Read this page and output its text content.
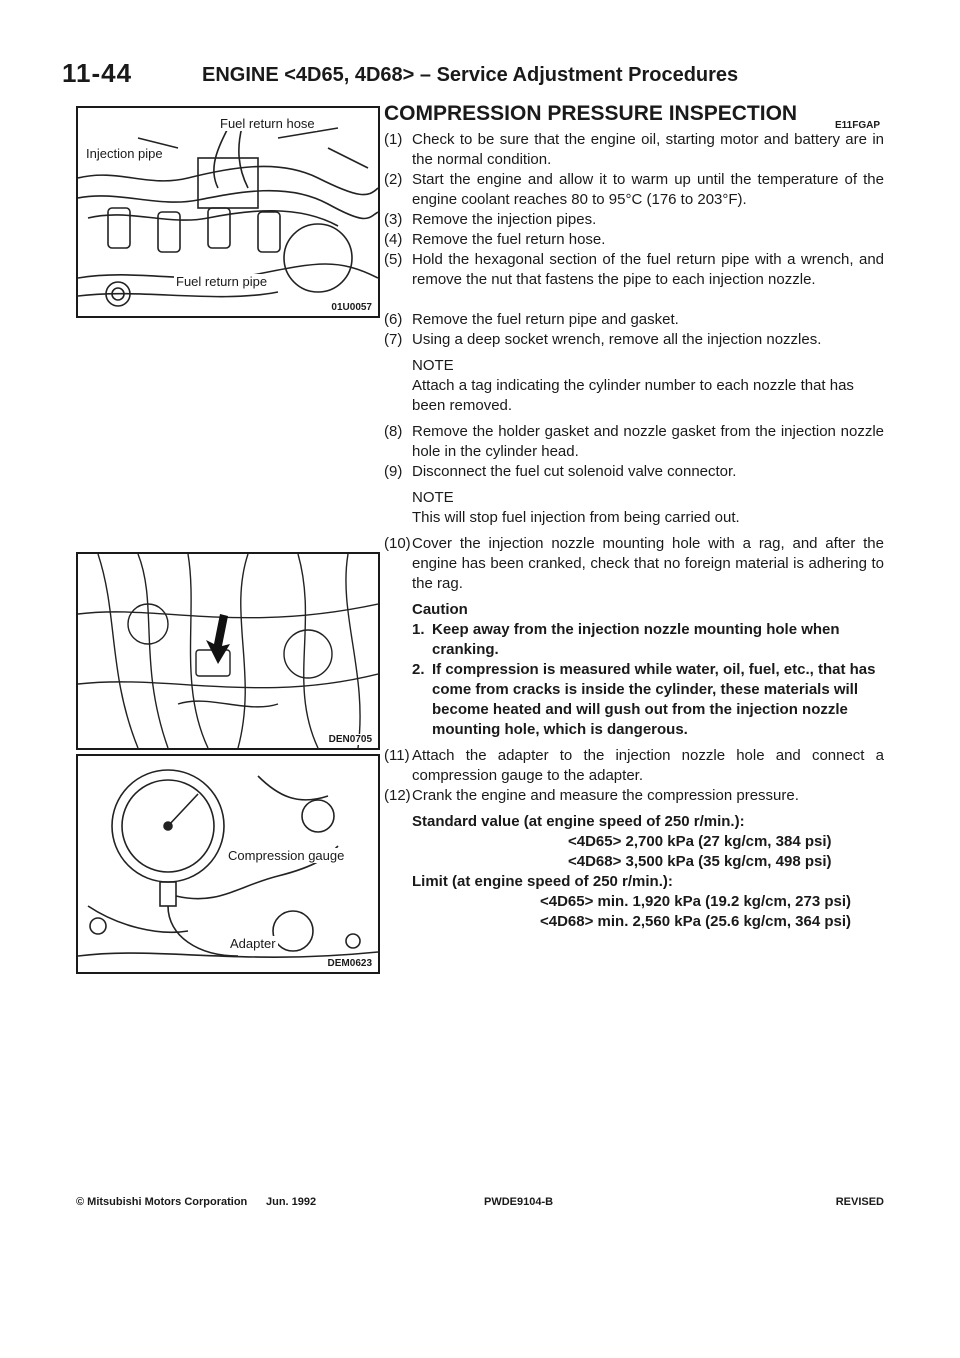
11-44	ENGINE <4D65, 4D68> – Service Adjustment Procedures
Fuel return hose
Injection pipe
Fuel return pipe
01U0057
DEN0705
Compression gauge
Adapter
DEM0623
COMPRESSION PRESSURE INSPECTION
E11FGAP
(1) Check to be sure that the engine oil, starting motor and battery are in the normal condition.
(2) Start the engine and allow it to warm up until the temperature of the engine coolant reaches 80 to 95°C (176 to 203°F).
(3) Remove the injection pipes.
(4) Remove the fuel return hose.
(5) Hold the hexagonal section of the fuel return pipe with a wrench, and remove the nut that fastens the pipe to each injection nozzle.
(6) Remove the fuel return pipe and gasket.
(7) Using a deep socket wrench, remove all the injection nozzles.
NOTE
Attach a tag indicating the cylinder number to each nozzle that has been removed.
(8) Remove the holder gasket and nozzle gasket from the injection nozzle hole in the cylinder head.
(9) Disconnect the fuel cut solenoid valve connector.
NOTE
This will stop fuel injection from being carried out.
(10) Cover the injection nozzle mounting hole with a rag, and after the engine has been cranked, check that no foreign material is adhering to the rag.
Caution
1. Keep away from the injection nozzle mounting hole when cranking.
2. If compression is measured while water, oil, fuel, etc., that has come from cracks is inside the cylinder, these materials will become heated and will gush out from the injection nozzle mounting hole, which is dangerous.
(11) Attach the adapter to the injection nozzle hole and connect a compression gauge to the adapter.
(12) Crank the engine and measure the compression pressure.
Standard value (at engine speed of 250 r/min.):
<4D65> 2,700 kPa (27 kg/cm, 384 psi)
<4D68> 3,500 kPa (35 kg/cm, 498 psi)
Limit (at engine speed of 250 r/min.):
<4D65> min. 1,920 kPa (19.2 kg/cm, 273 psi)
<4D68> min. 2,560 kPa (25.6 kg/cm, 364 psi)
© Mitsubishi Motors Corporation Jun. 1992	PWDE9104-B	REVISED
